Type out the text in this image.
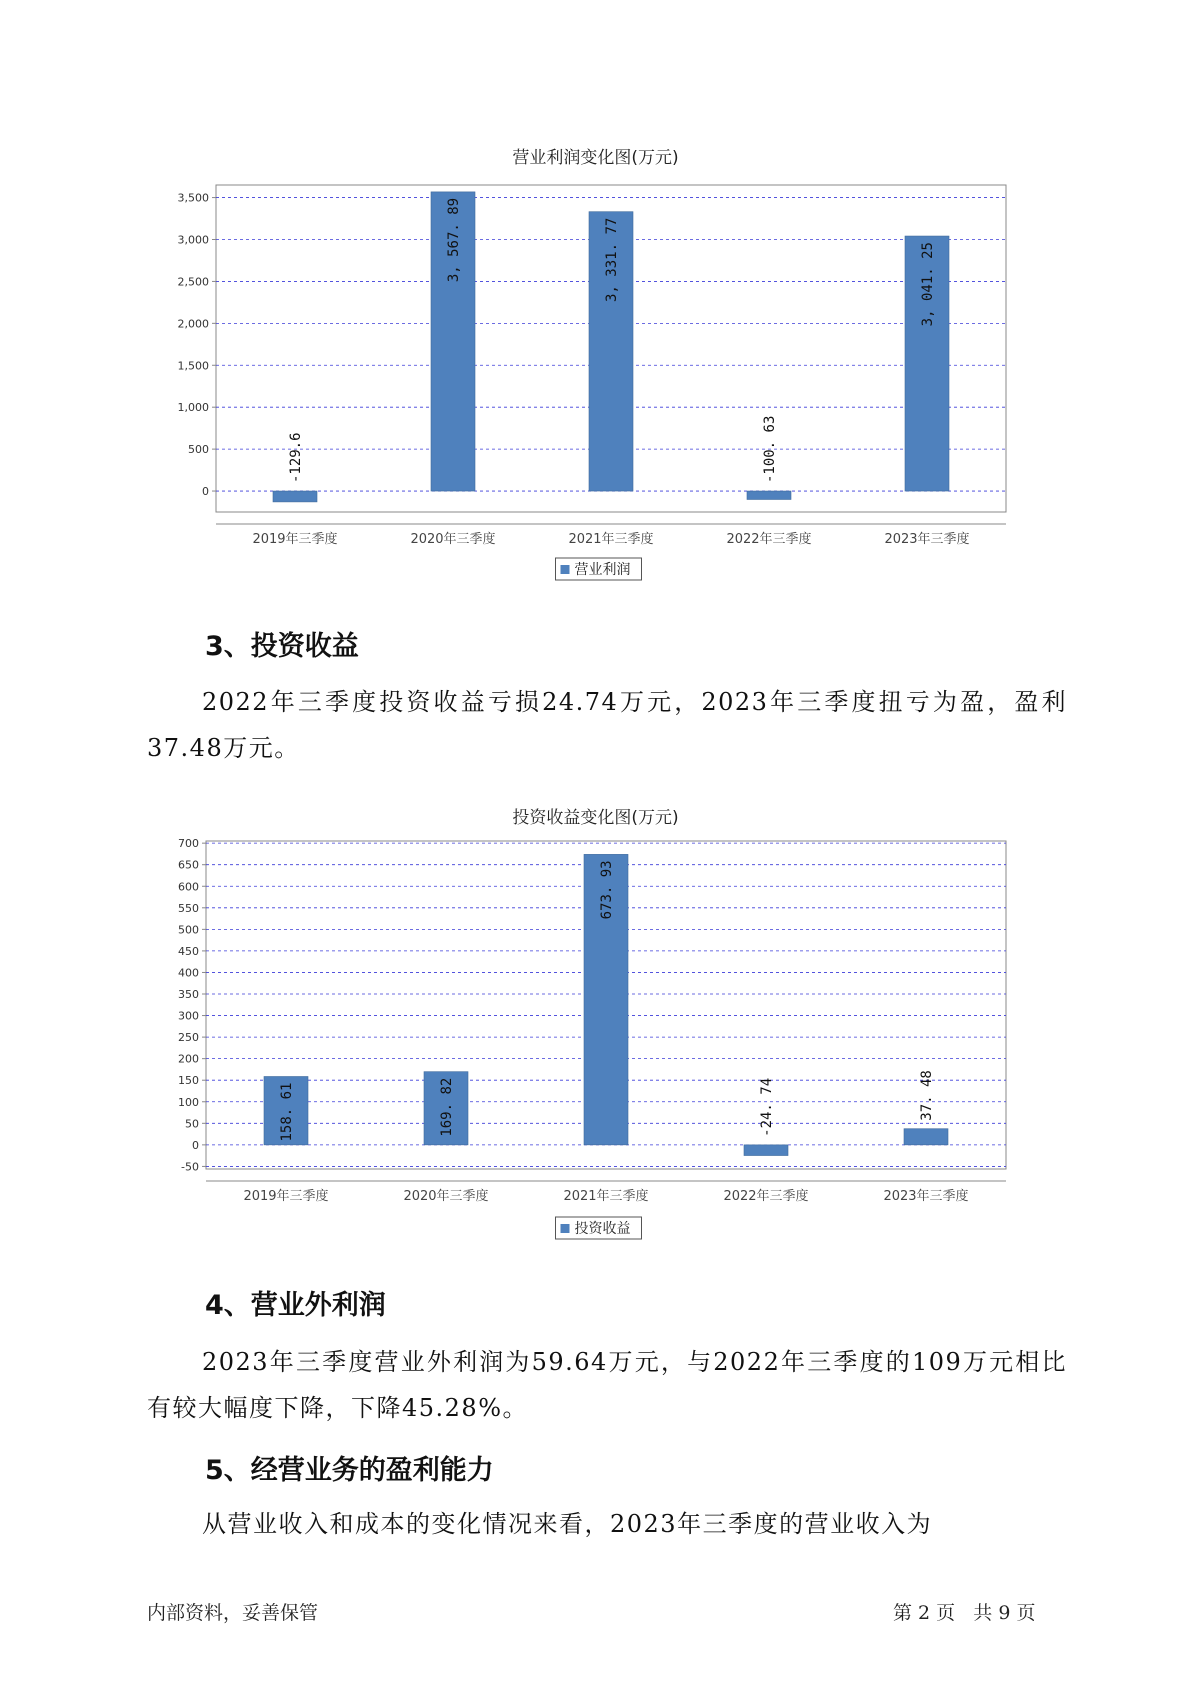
营业利润变化图(万元)
0
500
1,000
1,500
2,000
2,500
3,000
3,500
2019年三季度
-129.6
2020年三季度
3, 567. 89
2021年三季度
3, 331. 77
2022年三季度
-100. 63
2023年三季度
3, 041. 25
营业利润
3、投资收益

2022年三季度投资收益亏损24.74万元，2023年三季度扭亏为盈，盈利37.48万元。

投资收益变化图(万元)
-50
0
50
100
150
200
250
300
350
400
450
500
550
600
650
700
2019年三季度
158. 61
2020年三季度
169. 82
2021年三季度
673. 93
2022年三季度
-24. 74
2023年三季度
37. 48
投资收益
4、营业外利润

2023年三季度营业外利润为59.64万元，与2022年三季度的109万元相比有较大幅度下降，下降45.28%。

5、经营业务的盈利能力

从营业收入和成本的变化情况来看，2023年三季度的营业收入为

内部资料，妥善保管	第 2 页   共 9 页
